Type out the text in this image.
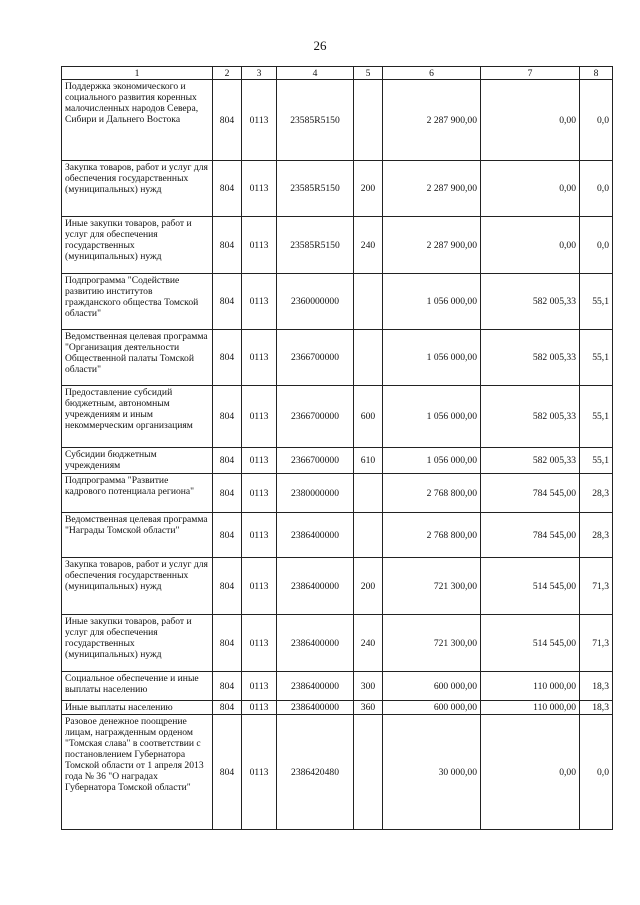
26
1	2	3	4	5	6	7	8
Поддержка экономического и социального развития коренных малочисленных народов Севера, Сибири и Дальнего Востока	804	0113	23585R5150		2 287 900,00	0,00	0,0
Закупка товаров, работ и услуг для обеспечения государственных (муниципальных) нужд	804	0113	23585R5150	200	2 287 900,00	0,00	0,0
Иные закупки товаров, работ и услуг для обеспечения государственных (муниципальных) нужд	804	0113	23585R5150	240	2 287 900,00	0,00	0,0
Подпрограмма "Содействие развитию институтов гражданского общества Томской области"	804	0113	2360000000		1 056 000,00	582 005,33	55,1
Ведомственная целевая программа "Организация деятельности Общественной палаты Томской области"	804	0113	2366700000		1 056 000,00	582 005,33	55,1
Предоставление субсидий бюджетным, автономным учреждениям и иным некоммерческим организациям	804	0113	2366700000	600	1 056 000,00	582 005,33	55,1
Субсидии бюджетным учреждениям	804	0113	2366700000	610	1 056 000,00	582 005,33	55,1
Подпрограмма "Развитие кадрового потенциала региона"	804	0113	2380000000		2 768 800,00	784 545,00	28,3
Ведомственная целевая программа "Награды Томской области"	804	0113	2386400000		2 768 800,00	784 545,00	28,3
Закупка товаров, работ и услуг для обеспечения государственных (муниципальных) нужд	804	0113	2386400000	200	721 300,00	514 545,00	71,3
Иные закупки товаров, работ и услуг для обеспечения государственных (муниципальных) нужд	804	0113	2386400000	240	721 300,00	514 545,00	71,3
Социальное обеспечение и иные выплаты населению	804	0113	2386400000	300	600 000,00	110 000,00	18,3
Иные выплаты населению	804	0113	2386400000	360	600 000,00	110 000,00	18,3
Разовое денежное поощрение лицам, награжденным орденом "Томская слава" в соответствии с постановлением Губернатора Томской области от 1 апреля 2013 года № 36 "О наградах Губернатора Томской области"	804	0113	2386420480		30 000,00	0,00	0,0
